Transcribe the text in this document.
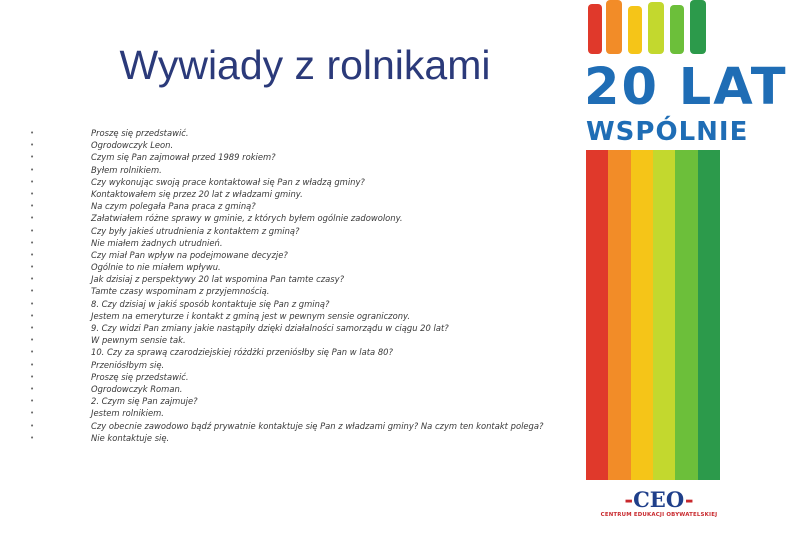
Wywiady z rolnikami
•	Proszę się przedstawić.
•	Ogrodowczyk Leon.
•	Czym się Pan zajmował przed 1989 rokiem?
•	Byłem rolnikiem.
•	Czy wykonując swoją prace kontaktował się Pan z władzą gminy?
•	Kontaktowałem się przez 20 lat z władzami gminy.
•	Na czym polegała Pana praca z gminą?
•	Załatwiałem różne sprawy w gminie, z których byłem ogólnie zadowolony.
•	Czy były jakieś utrudnienia z kontaktem z gminą?
•	Nie miałem żadnych utrudnień.
•	Czy miał Pan wpływ na podejmowane decyzje?
•	Ogólnie to nie miałem wpływu.
•	Jak dzisiaj z perspektywy 20 lat wspomina Pan tamte czasy?
•	Tamte czasy wspominam z przyjemnością.
•	8. Czy dzisiaj w jakiś sposób kontaktuje się Pan z gminą?
•	Jestem na emeryturze i kontakt z gminą jest w pewnym sensie ograniczony.
•	9. Czy widzi Pan zmiany jakie nastąpiły dzięki działalności samorządu w ciągu 20 lat?
•	W pewnym sensie tak.
•	10. Czy za sprawą czarodziejskiej różdżki przeniósłby się Pan w lata 80?
•	Przeniósłbym się.
•	Proszę się przedstawić.
•	Ogrodowczyk Roman.
•	2. Czym się Pan zajmuje?
•	Jestem rolnikiem.
•	Czy obecnie zawodowo bądź prywatnie kontaktuje się Pan z władzami gminy? Na czym ten kontakt polega?
•	Nie kontaktuje się.
20 LAT
WSPÓLNIE
-CEO-
CENTRUM EDUKACJI OBYWATELSKIEJ
